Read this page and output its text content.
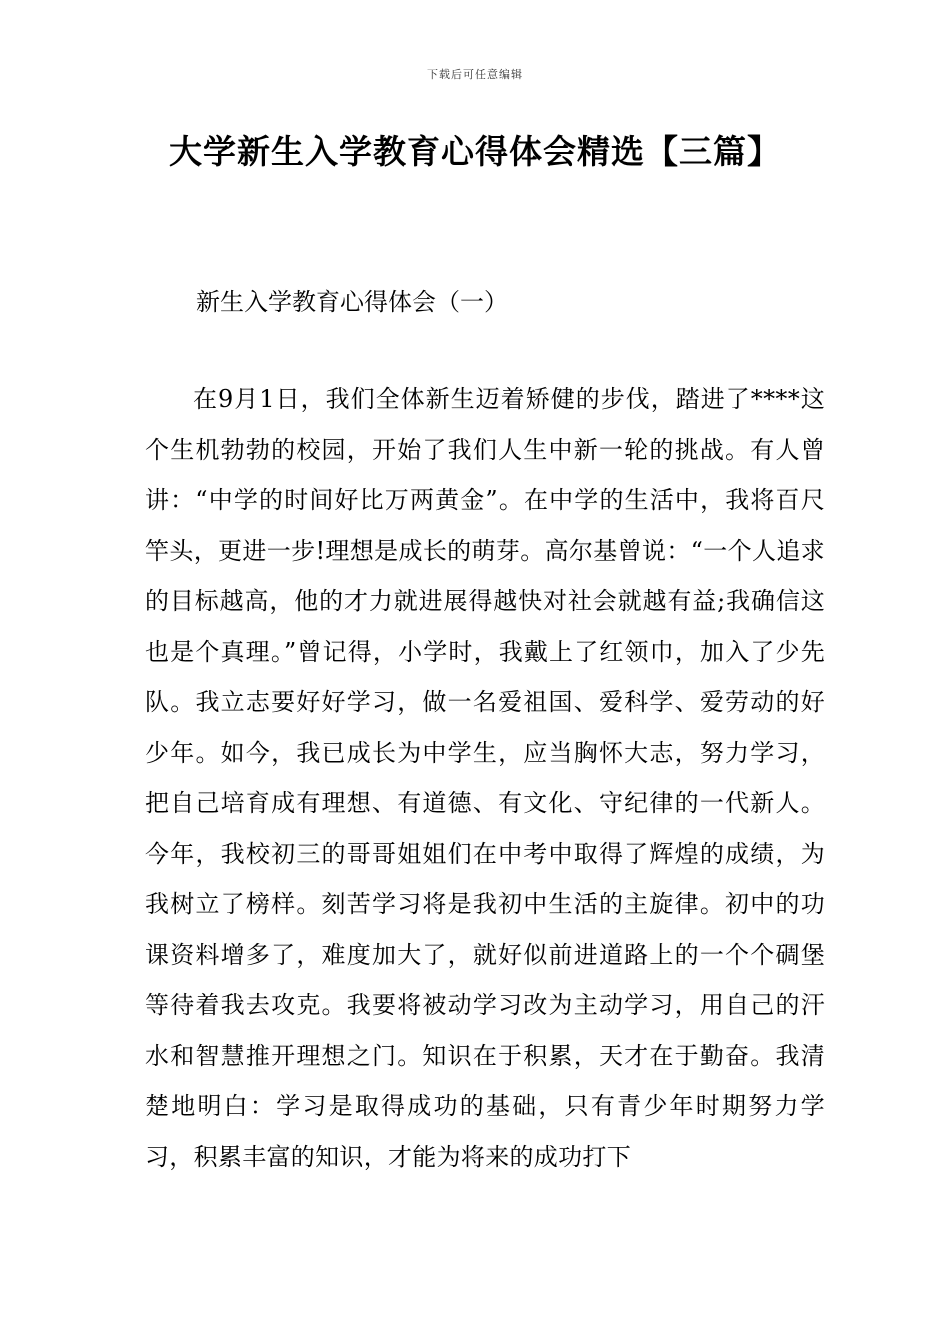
下载后可任意编辑
大学新生入学教育心得体会精选【三篇】
新生入学教育心得体会（一）

在9月1日，我们全体新生迈着矫健的步伐，踏进了****这个生机勃勃的校园，开始了我们人生中新一轮的挑战。有人曾讲：“中学的时间好比万两黄金”。在中学的生活中，我将百尺竿头，更进一步!理想是成长的萌芽。高尔基曾说：“一个人追求的目标越高，他的才力就进展得越快对社会就越有益;我确信这也是个真理。”曾记得，小学时，我戴上了红领巾，加入了少先队。我立志要好好学习，做一名爱祖国、爱科学、爱劳动的好少年。如今，我已成长为中学生，应当胸怀大志，努力学习，把自己培育成有理想、有道德、有文化、守纪律的一代新人。今年，我校初三的哥哥姐姐们在中考中取得了辉煌的成绩，为我树立了榜样。刻苦学习将是我初中生活的主旋律。初中的功课资料增多了，难度加大了，就好似前进道路上的一个个碉堡等待着我去攻克。我要将被动学习改为主动学习，用自己的汗水和智慧推开理想之门。知识在于积累，天才在于勤奋。我清楚地明白：学习是取得成功的基础，只有青少年时期努力学习，积累丰富的知识，才能为将来的成功打下
